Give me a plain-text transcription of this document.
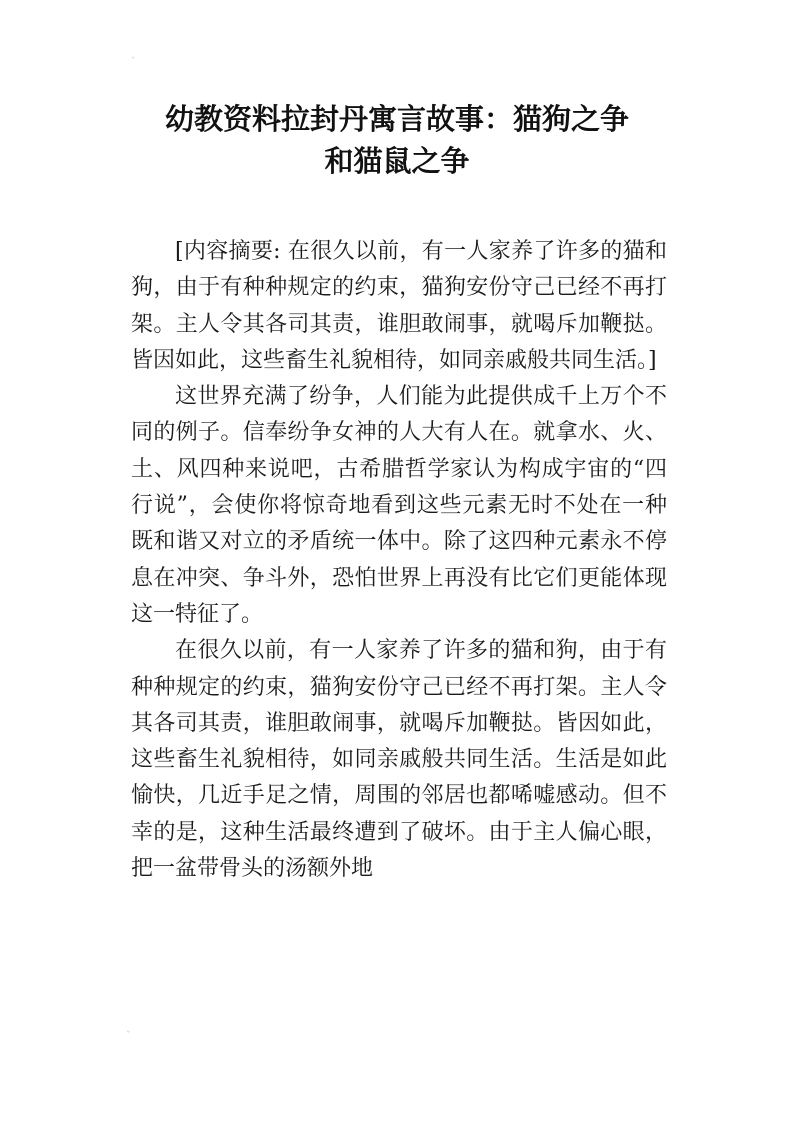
ˇ
幼教资料拉封丹寓言故事：猫狗之争
和猫鼠之争

[内容摘要: 在很久以前，有一人家养了许多的猫和狗，由于有种种规定的约束，猫狗安份守己已经不再打架。主人令其各司其责，谁胆敢闹事，就喝斥加鞭挞。皆因如此，这些畜生礼貌相待，如同亲戚般共同生活。]

这世界充满了纷争，人们能为此提供成千上万个不同的例子。信奉纷争女神的人大有人在。就拿水、火、土、风四种来说吧，古希腊哲学家认为构成宇宙的“四行说”，会使你将惊奇地看到这些元素无时不处在一种既和谐又对立的矛盾统一体中。除了这四种元素永不停息在冲突、争斗外，恐怕世界上再没有比它们更能体现这一特征了。

在很久以前，有一人家养了许多的猫和狗，由于有种种规定的约束，猫狗安份守己已经不再打架。主人令其各司其责，谁胆敢闹事，就喝斥加鞭挞。皆因如此，这些畜生礼貌相待，如同亲戚般共同生活。生活是如此愉快，几近手足之情，周围的邻居也都唏嘘感动。但不幸的是，这种生活最终遭到了破坏。由于主人偏心眼，把一盆带骨头的汤额外地

ˇ
